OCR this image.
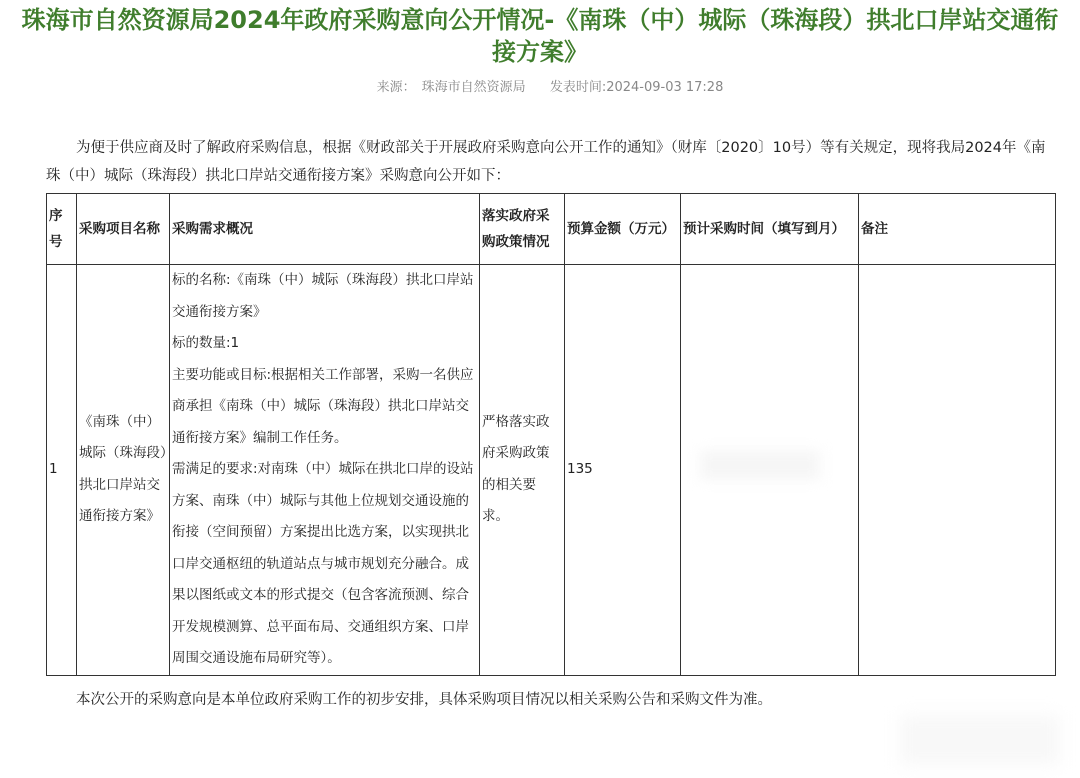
珠海市自然资源局2024年政府采购意向公开情况-《南珠（中）城际（珠海段）拱北口岸站交通衔接方案》
来源： 珠海市自然资源局 发表时间:2024-09-03 17:28

为便于供应商及时了解政府采购信息，根据《财政部关于开展政府采购意向公开工作的通知》（财库〔2020〕10号）等有关规定，现将我局2024年《南珠（中）城际（珠海段）拱北口岸站交通衔接方案》采购意向公开如下：

序号	采购项目名称	采购需求概况	落实政府采购政策情况	预算金额（万元）	预计采购时间（填写到月）	备注
1	《南珠（中）城际（珠海段）拱北口岸站交通衔接方案》	标的名称:《南珠（中）城际（珠海段）拱北口岸站交通衔接方案》
标的数量:1
主要功能或目标:根据相关工作部署，采购一名供应商承担《南珠（中）城际（珠海段）拱北口岸站交通衔接方案》编制工作任务。
需满足的要求:对南珠（中）城际在拱北口岸的设站方案、南珠（中）城际与其他上位规划交通设施的衔接（空间预留）方案提出比选方案，以实现拱北口岸交通枢纽的轨道站点与城市规划充分融合。成果以图纸或文本的形式提交（包含客流预测、综合开发规模测算、总平面布局、交通组织方案、口岸周围交通设施布局研究等）。	严格落实政府采购政策的相关要求。	135		

本次公开的采购意向是本单位政府采购工作的初步安排，具体采购项目情况以相关采购公告和采购文件为准。
